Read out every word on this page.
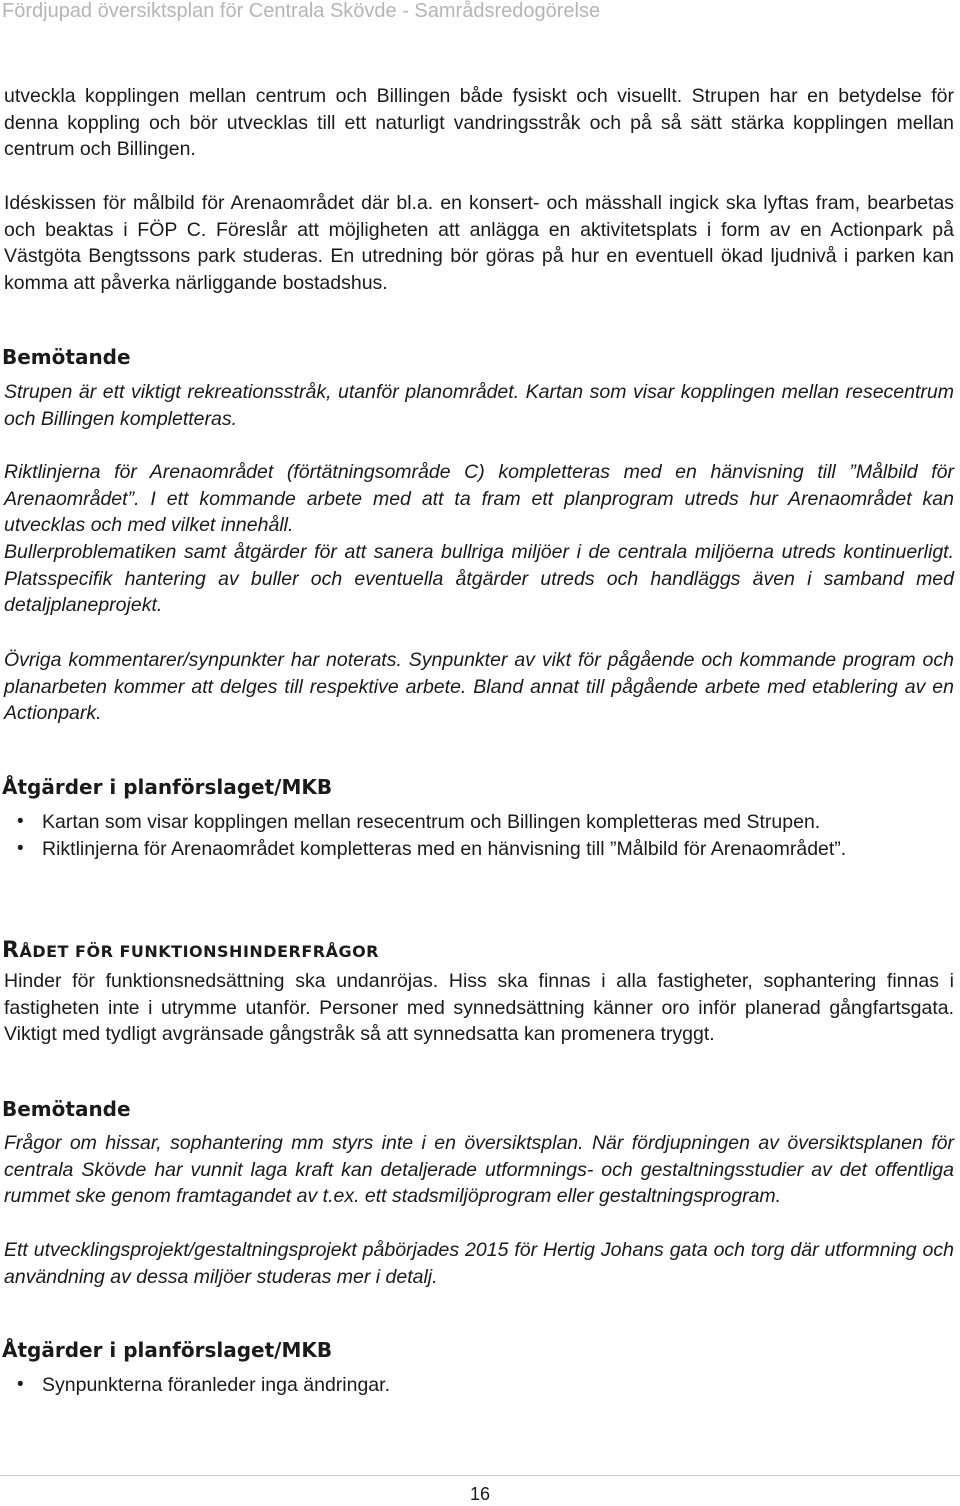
Fördjupad översiktsplan för Centrala Skövde - Samrådsredogörelse

utveckla kopplingen mellan centrum och Billingen både fysiskt och visuellt. Strupen har en betydelse för denna koppling och bör utvecklas till ett naturligt vandringsstråk och på så sätt stärka kopplingen mellan centrum och Billingen.

Idéskissen för målbild för Arenaområdet där bl.a. en konsert- och mässhall ingick ska lyftas fram, bearbetas och beaktas i FÖP C. Föreslår att möjligheten att anlägga en aktivitetsplats i form av en Actionpark på Västgöta Bengtssons park studeras. En utredning bör göras på hur en eventuell ökad ljudnivå i parken kan komma att påverka närliggande bostadshus.

Bemötande

Strupen är ett viktigt rekreationsstråk, utanför planområdet. Kartan som visar kopplingen mellan resecentrum och Billingen kompletteras.

Riktlinjerna för Arenaområdet (förtätningsområde C) kompletteras med en hänvisning till ”Målbild för Arenaområdet”. I ett kommande arbete med att ta fram ett planprogram utreds hur Arenaområdet kan utvecklas och med vilket innehåll.

Bullerproblematiken samt åtgärder för att sanera bullriga miljöer i de centrala miljöerna utreds kontinuerligt. Platsspecifik hantering av buller och eventuella åtgärder utreds och handläggs även i samband med detaljplaneprojekt.

Övriga kommentarer/synpunkter har noterats. Synpunkter av vikt för pågående och kommande program och planarbeten kommer att delges till respektive arbete. Bland annat till pågående arbete med etablering av en Actionpark.

Åtgärder i planförslaget/MKB
• Kartan som visar kopplingen mellan resecentrum och Billingen kompletteras med Strupen.
• Riktlinjerna för Arenaområdet kompletteras med en hänvisning till ”Målbild för Arenaområdet”.
RÅDET FÖR FUNKTIONSHINDERFRÅGOR

Hinder för funktionsnedsättning ska undanröjas. Hiss ska finnas i alla fastigheter, sophantering finnas i fastigheten inte i utrymme utanför. Personer med synnedsättning känner oro inför planerad gångfartsgata. Viktigt med tydligt avgränsade gångstråk så att synnedsatta kan promenera tryggt.

Bemötande

Frågor om hissar, sophantering mm styrs inte i en översiktsplan. När fördjupningen av översiktsplanen för centrala Skövde har vunnit laga kraft kan detaljerade utformnings- och gestaltningsstudier av det offentliga rummet ske genom framtagandet av t.ex. ett stadsmiljöprogram eller gestaltningsprogram.

Ett utvecklingsprojekt/gestaltningsprojekt påbörjades 2015 för Hertig Johans gata och torg där utformning och användning av dessa miljöer studeras mer i detalj.

Åtgärder i planförslaget/MKB
• Synpunkterna föranleder inga ändringar.
16
